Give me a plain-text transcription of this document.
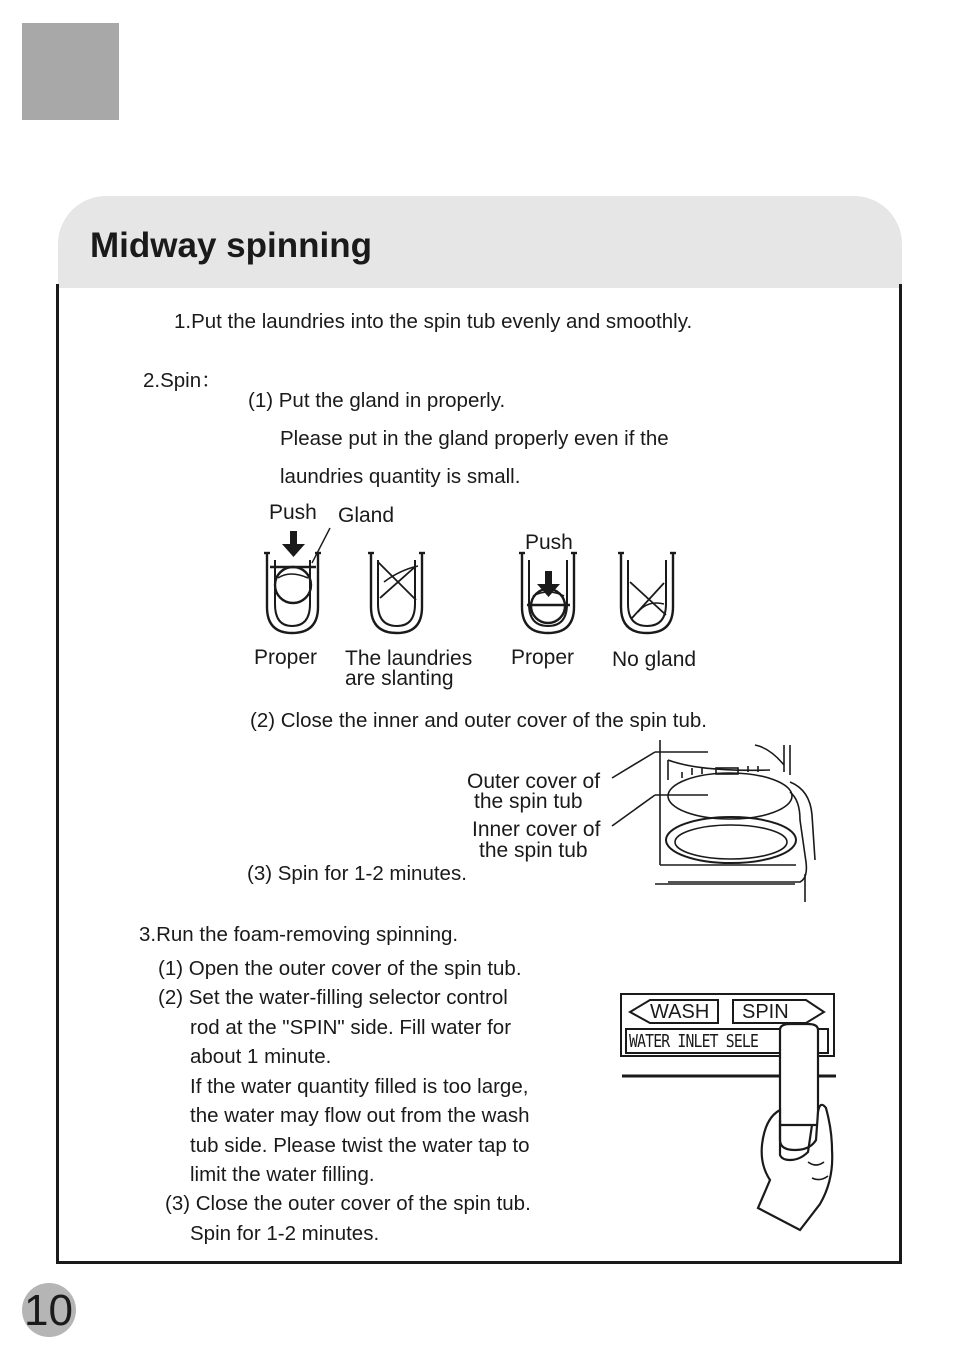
Midway spinning
1.Put the laundries into the spin tub evenly and smoothly.
2.Spin：
(1) Put the gland in properly.
Please put in the gland properly even if the
laundries quantity is small.
Push Gland
Push
Proper The laundries
are slanting
Proper No gland
(2) Close the inner and outer cover of the spin tub.
Outer cover of
the spin tub
Inner cover of
the spin tub
(3) Spin for 1-2 minutes.
3.Run the foam-removing spinning.
(1) Open the outer cover of the spin tub.
(2) Set the water-filling selector control
rod at the "SPIN" side. Fill water for
about 1 minute.
If the water quantity filled is too large,
the water may flow out from the wash
tub side. Please twist the water tap to
limit the water filling.
(3) Close the outer cover of the spin tub.
Spin for 1-2 minutes.
WASH SPIN
WATER INLET SELE
10
